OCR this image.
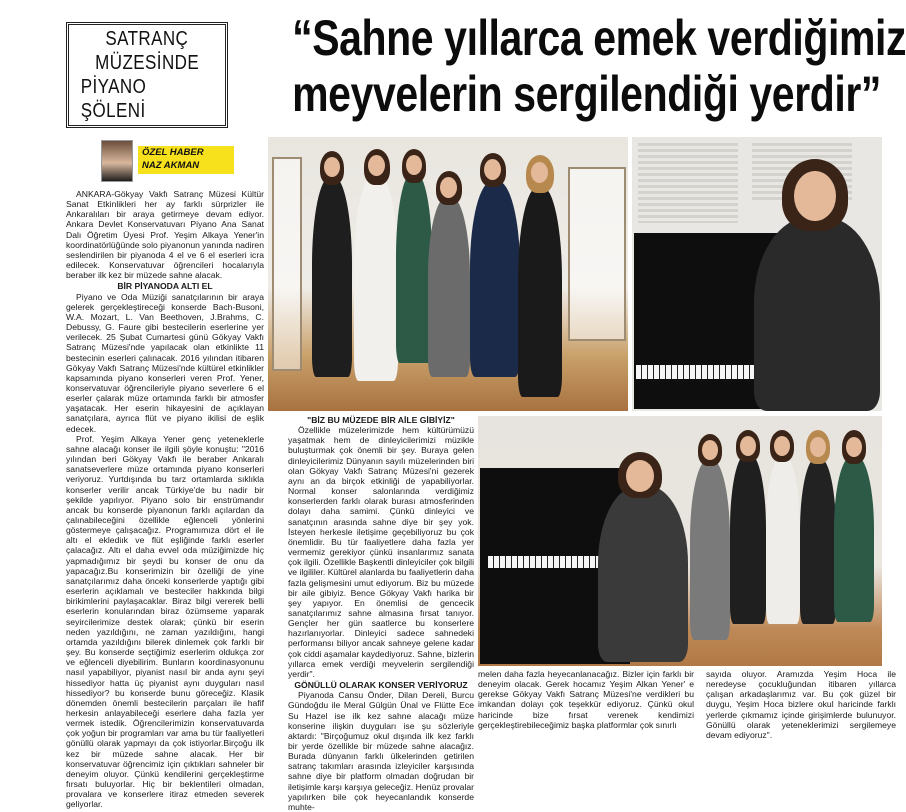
SATRANÇ
MÜZESİNDE
PİYANO ŞÖLENİ
“Sahne yıllarca emek verdiğimiz
meyvelerin sergilendiği yerdir”
ÖZEL HABER
NAZ AKMAN

ANKARA-Gökyay Vakfı Satranç Müzesi Kültür Sanat Etkinlikleri her ay farklı sürprizler ile Ankaralıları bir araya getirmeye devam ediyor. Ankara Devlet Konservatuvarı Piyano Ana Sanat Dalı Öğretim Üyesi Prof. Yeşim Alkaya Yener'in koordinatörlüğünde solo piyanonun yanında nadiren seslendirilen bir piyanoda 4 el ve 6 el eserleri icra edilecek. Konservatuvar öğrencileri hocalarıyla beraber ilk kez bir müzede sahne alacak.

BİR PİYANODA ALTI EL

Piyano ve Oda Müziği sanatçılarının bir araya gelerek gerçekleştireceği konserde Bach-Busoni, W.A. Mozart, L. Van Beethoven, J.Brahms, C. Debussy, G. Faure gibi bestecilerin eserlerine yer verilecek. 25 Şubat Cumartesi günü Gökyay Vakfı Satranç Müzesi'nde yapılacak olan etkinlikte 11 bestecinin eserleri çalınacak. 2016 yılından itibaren Gökyay Vakfı Satranç Müzesi'nde kültürel etkinlikler kapsamında piyano konserleri veren Prof. Yener, konservatuvar öğrencileriyle piyano severlere 6 el eserler çalarak müze ortamında farklı bir atmosfer yaşatacak. Her eserin hikayesini de açıklayan sanatçılara, ayrıca flüt ve piyano ikilisi de eşlik edecek.

Prof. Yeşim Alkaya Yener genç yeteneklerle sahne alacağı konser ile ilgili şöyle konuştu: "2016 yılından beri Gökyay Vakfı ile beraber Ankaralı sanatseverlere müze ortamında piyano konserleri veriyoruz. Yurtdışında bu tarz ortamlarda sıklıkla konserler verilir ancak Türkiye'de bu nadir bir şekilde yapılıyor. Piyano solo bir enstrümandır ancak bu konserde piyanonun farklı açılardan da çalınabileceğini özellikle eğlenceli yönlerini göstermeye çalışacağız. Programımıza dört el ile altı el eklediık ve flüt eşliğinde farklı eserler çalacağız. Altı el daha evvel oda müziğimizde hiç yapmadığımız bir şeydi bu konser de onu da yapacağız.Bu konserimizin bir özelliği de yine sanatçılarımız daha önceki konserlerde yaptığı gibi eserlerin açıklamalı ve besteciler hakkında bilgi birikimlerini paylaşacaklar. Biraz bilgi vererek belli eserlerin konularından biraz özümseme yaparak seyircilerimize destek olarak; çünkü bir eserin neden yazıldığını, ne zaman yazıldığını, hangi ortamda yazıldığını bilerek dinlemek çok farklı bir şey. Bu konserde seçtiğimiz eserlerim oldukça zor ve eğlenceli diyebilirim. Bunların koordinasyonunu nasıl yapabiliyor, piyanist nasıl bir anda aynı şeyi hissediyor hatta üç piyanist aynı duyguları nasıl hissediyor? bu konserde bunu göreceğiz. Klasik dönemden önemli bestecilerin parçaları ile hafif herkesin anlayabileceği eserlere daha fazla yer vermek istedik. Öğrencilerimizin konservatuvarda çok yoğun bir programları var ama bu tür faaliyetleri gönüllü olarak yapmayı da çok istiyorlar.Birçoğu ilk kez bir müzede sahne alacak. Her bir konservatuvar öğrencimiz için çıktıkları sahneler bir deneyim oluyor. Çünkü kendilerini gerçekleştirme fırsatı buluyorlar. Hiç bir beklentileri olmadan, provalara ve konserlere itiraz etmeden severek geliyorlar.

"BİZ BU MÜZEDE BİR AİLE GİBİYİZ"

Özellikle müzelerimizde hem kültürümüzü yaşatmak hem de dinleyicilerimizi müzikle buluşturmak çok önemli bir şey. Buraya gelen dinleyicilerimiz Dünyanın sayılı müzelerinden biri olan Gökyay Vakfı Satranç Müzesi'ni gezerek aynı an da birçok etkinliği de yapabiliyorlar. Normal konser salonlarında verdiğimiz konserlerden farklı olarak burası atmosferinden dolayı daha samimi. Çünkü dinleyici ve sanatçının arasında sahne diye bir şey yok. İsteyen herkesle iletişime geçebiliyoruz bu çok önemlidir. Bu tür faaliyetlere daha fazla yer vermemiz gerekiyor çünkü insanlarımız sanata çok ilgili. Özellikle Başkentli dinleyiciler çok bilgili ve ilgililer. Kültürel alanlarda bu faaliyetlerin daha fazla gelişmesini umut ediyorum. Biz bu müzede bir aile gibiyiz. Bence Gökyay Vakfı harika bir şey yapıyor. En önemlisi de gencecik sanatçılarımız sahne almasına fırsat tanıyor. Gençler her gün saatlerce bu konserlere hazırlanıyorlar. Dinleyici sadece sahnedeki performansı biliyor ancak sahneye gelene kadar çok ciddi aşamalar kaydediyoruz. Sahne, bizlerin yıllarca emek verdiği meyvelerin sergilendiği yerdir".

GÖNÜLLÜ OLARAK KONSER VERİYORUZ

Piyanoda Cansu Önder, Dilan Dereli, Burcu Gündoğdu ile Meral Gülgün Ünal ve Flütte Ece Su Hazel ise ilk kez sahne alacağı müze konserine ilişkin duyguları ise şu sözleriyle aktardı: "Birçoğumuz okul dışında ilk kez farklı bir yerde özellikle bir müzede sahne alacağız. Burada dünyanın farklı ülkelerinden getirilen satranç takımları arasında izleyiciler karşısında sahne diye bir platform olmadan doğrudan bir iletişimle karşı karşıya geleceğiz. Henüz provalar yapılırken bile çok heyecanlandık konserde muhte-

melen daha fazla heyecanlanacağız. Bizler için farklı bir deneyim olacak. Gerek hocamız Yeşim Alkan Yener' e gerekse Gökyay Vakfı Satranç Müzesi'ne verdikleri bu imkandan dolayı çok teşekkür ediyoruz. Çünkü okul haricinde bize fırsat verenek kendimizi gerçekleştirebileceğimiz başka platformlar çok sınırlı

sayıda oluyor. Aramızda Yeşim Hoca ile neredeyse çocukluğundan itibaren yıllarca çalışan arkadaşlarımız var. Bu çok güzel bir duygu, Yeşim Hoca bizlere okul haricinde farklı yerlerde çıkmamız içinde girişimlerde bulunuyor. Gönüllü olarak yeteneklerimizi sergilemeye devam ediyoruz".
